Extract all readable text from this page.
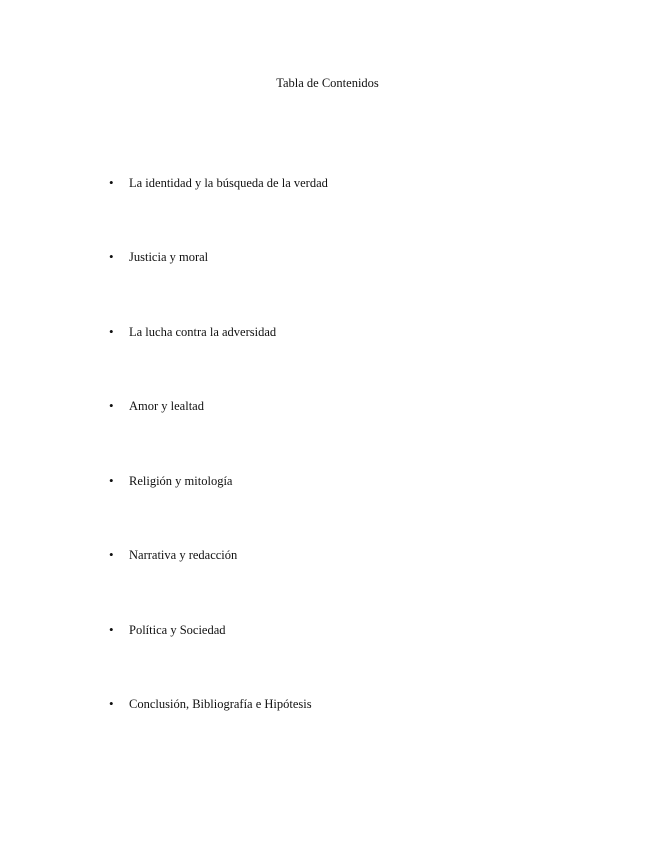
Tabla de Contenidos
•	La identidad y la búsqueda de la verdad
•	Justicia y moral
•	La lucha contra la adversidad
•	Amor y lealtad
•	Religión y mitología
•	Narrativa y redacción
•	Política y Sociedad
•	Conclusión, Bibliografía e Hipótesis
